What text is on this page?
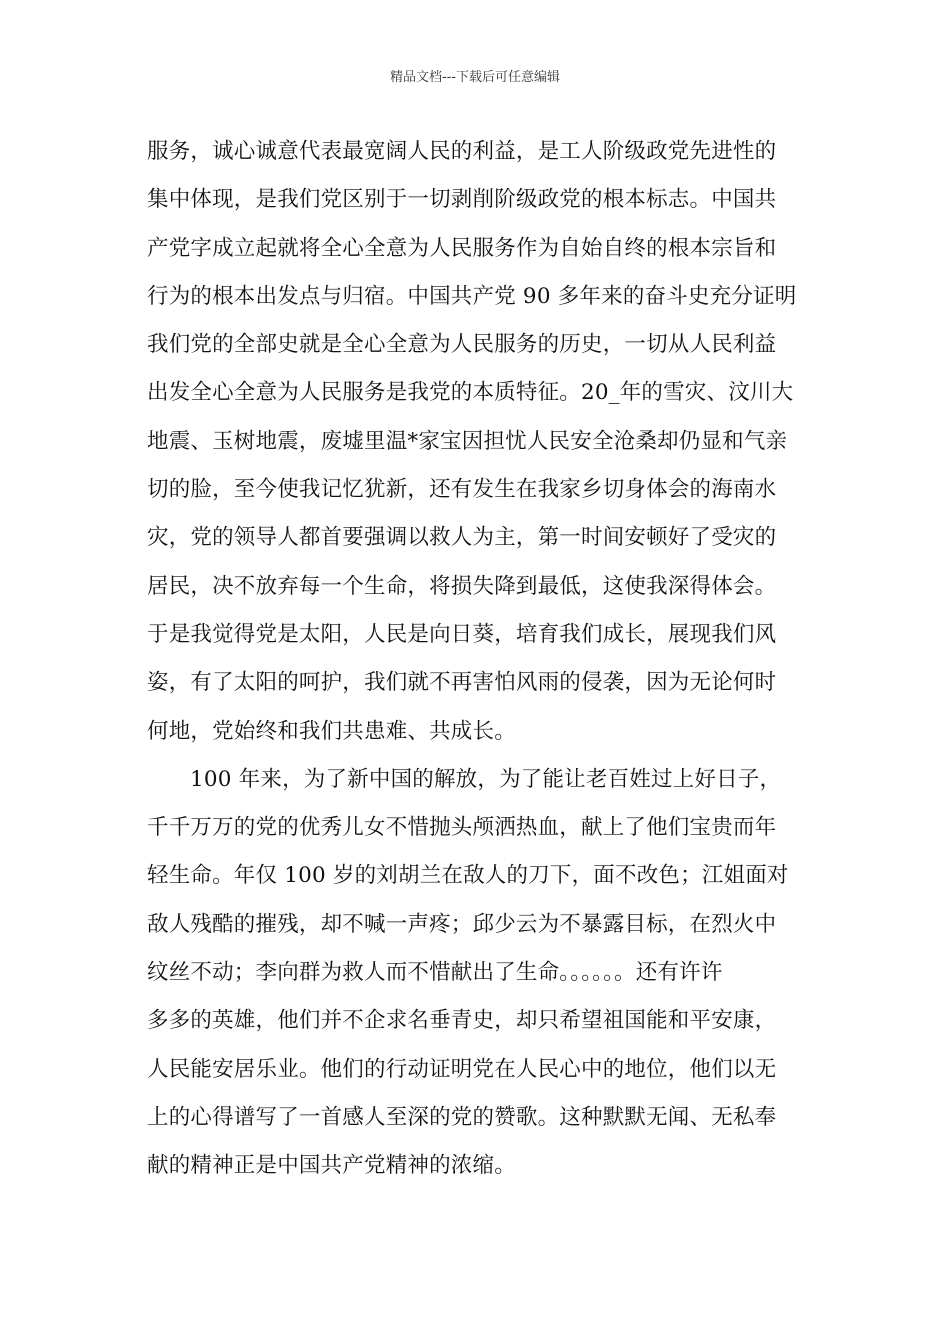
精品文档---下载后可任意编辑
服务，诚心诚意代表最宽阔人民的利益，是工人阶级政党先进性的
集中体现，是我们党区别于一切剥削阶级政党的根本标志。中国共
产党字成立起就将全心全意为人民服务作为自始自终的根本宗旨和
行为的根本出发点与归宿。中国共产党 90 多年来的奋斗史充分证明
我们党的全部史就是全心全意为人民服务的历史，一切从人民利益
出发全心全意为人民服务是我党的本质特征。20_年的雪灾、汶川大
地震、玉树地震，废墟里温*家宝因担忧人民安全沧桑却仍显和气亲
切的脸，至今使我记忆犹新，还有发生在我家乡切身体会的海南水
灾，党的领导人都首要强调以救人为主，第一时间安顿好了受灾的
居民，决不放弃每一个生命，将损失降到最低，这使我深得体会。
于是我觉得党是太阳，人民是向日葵，培育我们成长，展现我们风
姿，有了太阳的呵护，我们就不再害怕风雨的侵袭，因为无论何时
何地，党始终和我们共患难、共成长。
100 年来，为了新中国的解放，为了能让老百姓过上好日子，
千千万万的党的优秀儿女不惜抛头颅洒热血，献上了他们宝贵而年
轻生命。年仅 100 岁的刘胡兰在敌人的刀下，面不改色；江姐面对
敌人残酷的摧残，却不喊一声疼；邱少云为不暴露目标，在烈火中
纹丝不动；李向群为救人而不惜献出了生命。。。。。。还有许许
多多的英雄，他们并不企求名垂青史，却只希望祖国能和平安康，
人民能安居乐业。他们的行动证明党在人民心中的地位，他们以无
上的心得谱写了一首感人至深的党的赞歌。这种默默无闻、无私奉
献的精神正是中国共产党精神的浓缩。
